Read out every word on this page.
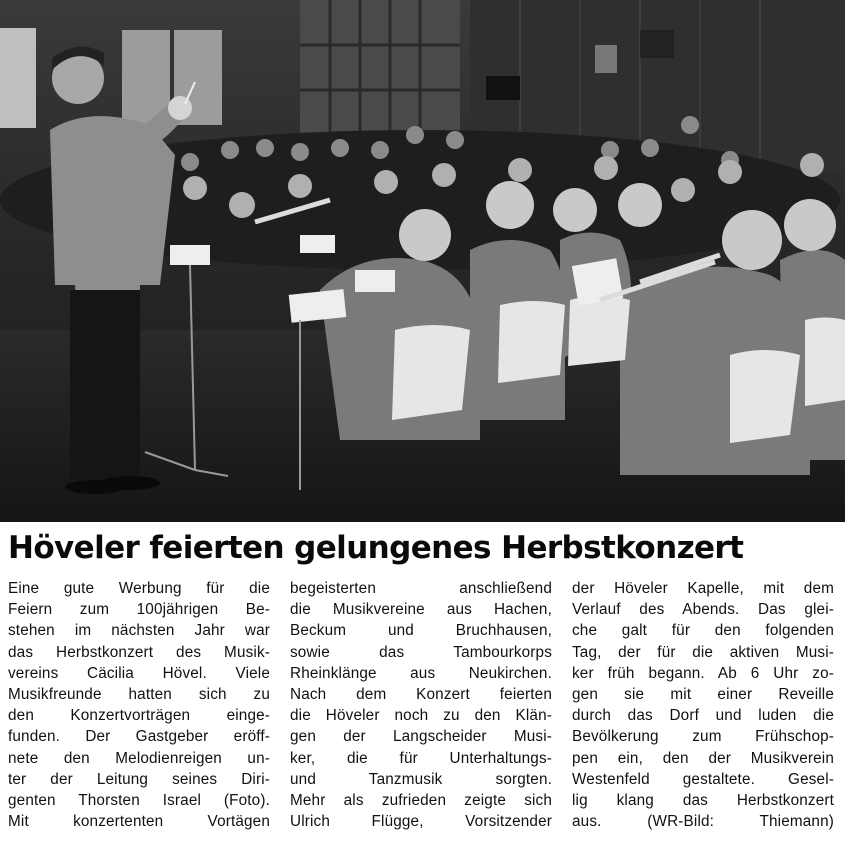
Höveler feierten gelungenes Herbstkonzert
Eine gute Werbung für die
Feiern zum 100jährigen Be-
stehen im nächsten Jahr war
das Herbstkonzert des Musik-
vereins Cäcilia Hövel. Viele
Musikfreunde hatten sich zu
den Konzertvorträgen einge-
funden. Der Gastgeber eröff-
nete den Melodienreigen un-
ter der Leitung seines Diri-
genten Thorsten Israel (Foto).
Mit konzertenten Vortägen
begeisterten anschließend
die Musikvereine aus Hachen,
Beckum und Bruchhausen,
sowie das Tambourkorps
Rheinklänge aus Neukirchen.
Nach dem Konzert feierten
die Höveler noch zu den Klän-
gen der Langscheider Musi-
ker, die für Unterhaltungs-
und Tanzmusik sorgten.
Mehr als zufrieden zeigte sich
Ulrich Flügge, Vorsitzender
der Höveler Kapelle, mit dem
Verlauf des Abends. Das glei-
che galt für den folgenden
Tag, der für die aktiven Musi-
ker früh begann. Ab 6 Uhr zo-
gen sie mit einer Reveille
durch das Dorf und luden die
Bevölkerung zum Frühschop-
pen ein, den der Musikverein
Westenfeld gestaltete. Gesel-
lig klang das Herbstkonzert
aus. (WR-Bild: Thiemann)
